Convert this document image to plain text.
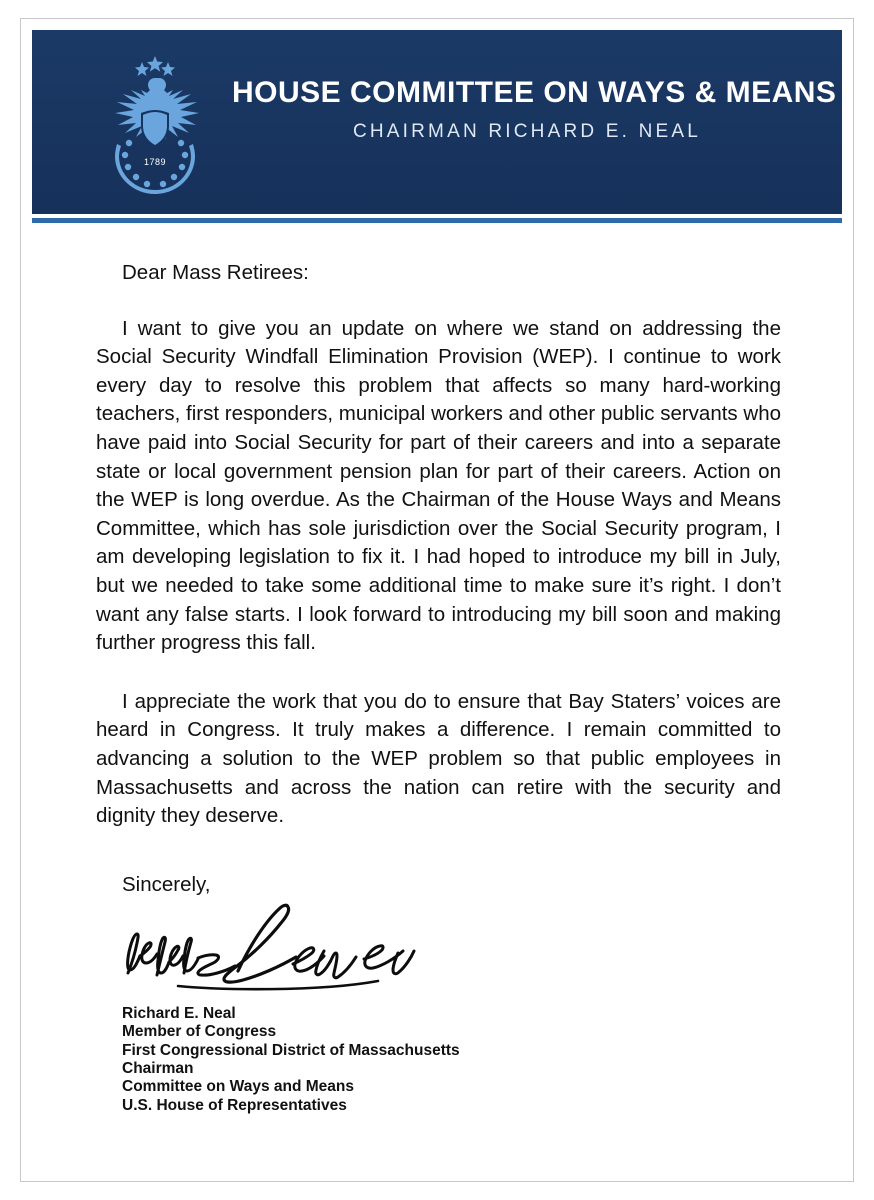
1789
HOUSE COMMITTEE ON WAYS & MEANS
CHAIRMAN RICHARD E. NEAL
Dear Mass Retirees:

I want to give you an update on where we stand on addressing the Social Security Windfall Elimination Provision (WEP). I continue to work every day to resolve this problem that affects so many hard-working teachers, first responders, municipal workers and other public servants who have paid into Social Security for part of their careers and into a separate state or local government pension plan for part of their careers. Action on the WEP is long overdue. As the Chairman of the House Ways and Means Committee, which has sole jurisdiction over the Social Security program, I am developing legislation to fix it. I had hoped to introduce my bill in July, but we needed to take some additional time to make sure it’s right. I don’t want any false starts. I look forward to introducing my bill soon and making further progress this fall.

I appreciate the work that you do to ensure that Bay Staters’ voices are heard in Congress. It truly makes a difference. I remain committed to advancing a solution to the WEP problem so that public employees in Massachusetts and across the nation can retire with the security and dignity they deserve.

Sincerely,
Richard E. Neal
Member of Congress
First Congressional District of Massachusetts
Chairman
Committee on Ways and Means
U.S. House of Representatives
